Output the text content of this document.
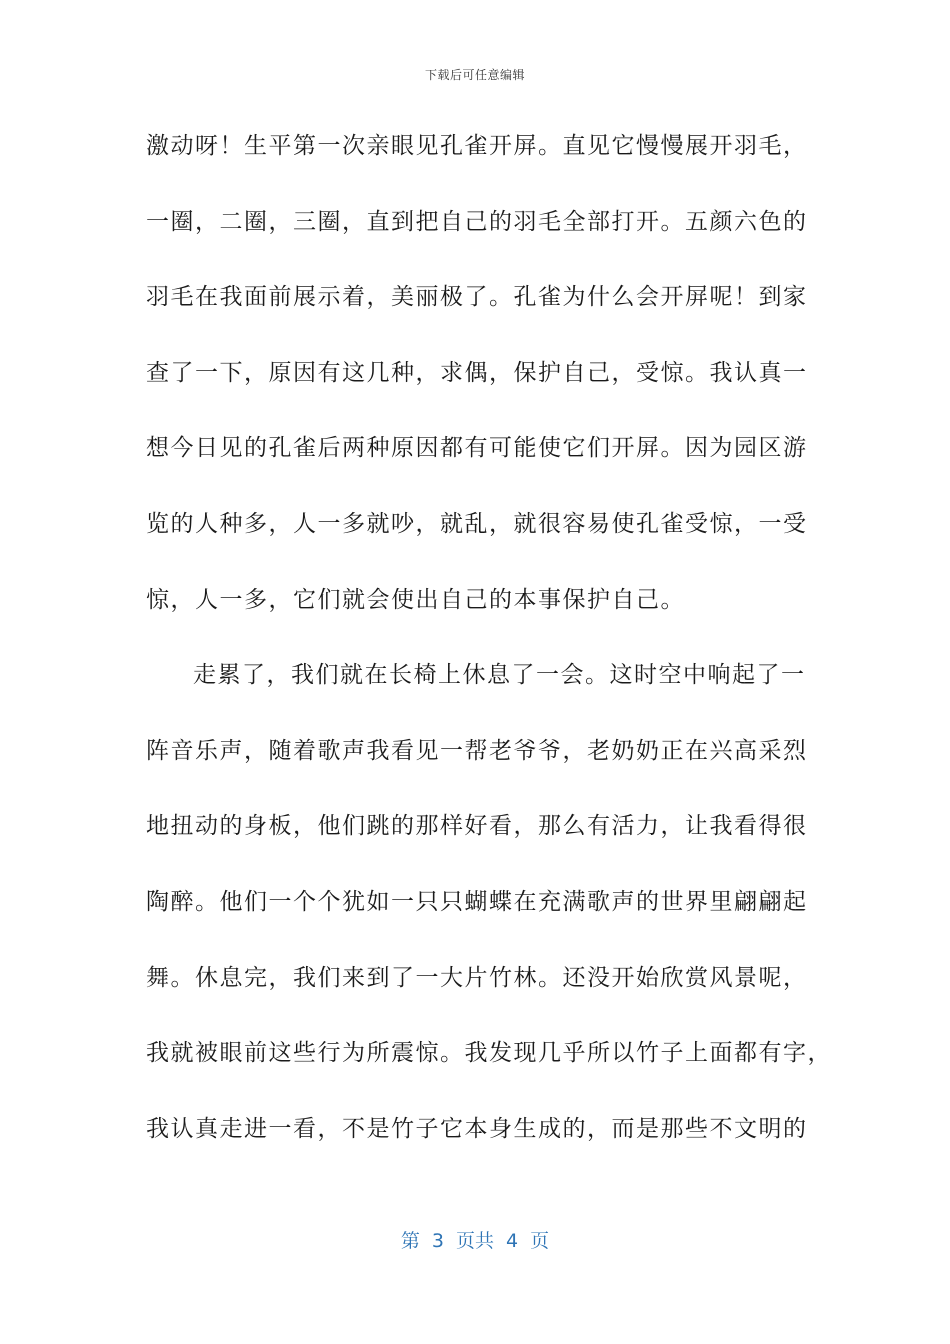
下载后可任意编辑
激动呀！生平第一次亲眼见孔雀开屏。直见它慢慢展开羽毛，
一圈，二圈，三圈，直到把自己的羽毛全部打开。五颜六色的
羽毛在我面前展示着，美丽极了。孔雀为什么会开屏呢！到家
查了一下，原因有这几种，求偶，保护自己，受惊。我认真一
想今日见的孔雀后两种原因都有可能使它们开屏。因为园区游
览的人种多，人一多就吵，就乱，就很容易使孔雀受惊，一受
惊，人一多，它们就会使出自己的本事保护自己。
走累了，我们就在长椅上休息了一会。这时空中响起了一
阵音乐声，随着歌声我看见一帮老爷爷，老奶奶正在兴高采烈
地扭动的身板，他们跳的那样好看，那么有活力，让我看得很
陶醉。他们一个个犹如一只只蝴蝶在充满歌声的世界里翩翩起
舞。休息完，我们来到了一大片竹林。还没开始欣赏风景呢，
我就被眼前这些行为所震惊。我发现几乎所以竹子上面都有字，
我认真走进一看，不是竹子它本身生成的，而是那些不文明的
第 3 页共 4 页
